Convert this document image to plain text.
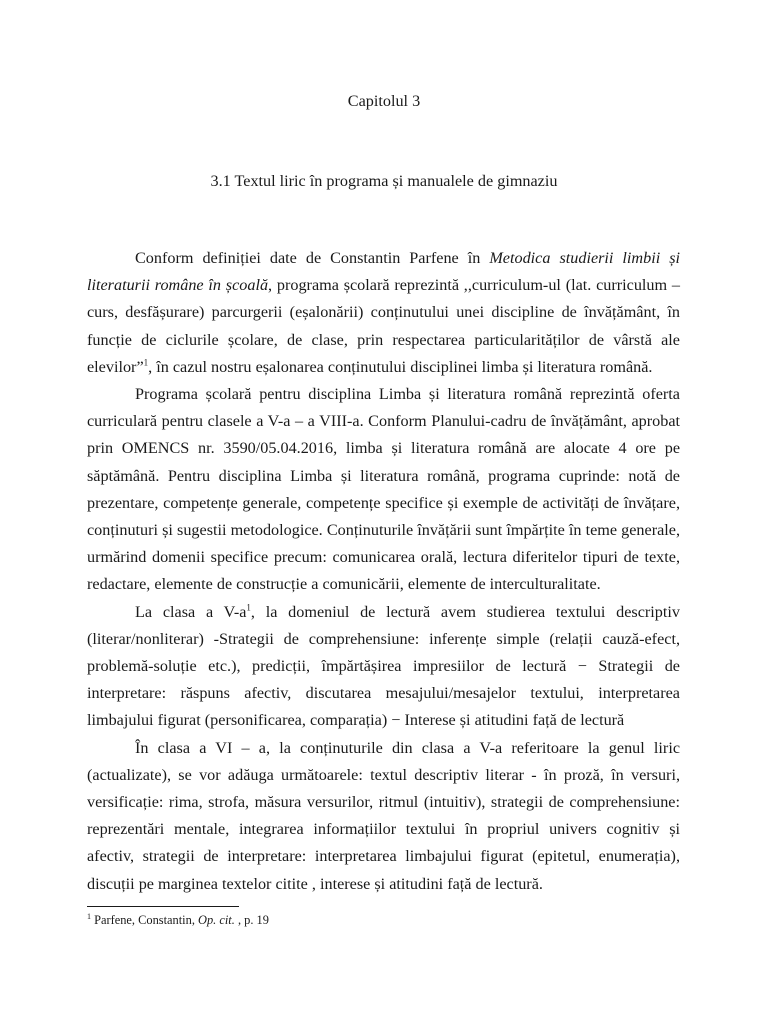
Capitolul 3
3.1 Textul liric în programa și manualele de gimnaziu

Conform definiției date de Constantin Parfene în Metodica studierii limbii și literaturii române în școală, programa școlară reprezintă ,,curriculum-ul (lat. curriculum – curs, desfășurare) parcurgerii (eșalonării) conținutului unei discipline de învățământ, în funcție de ciclurile școlare, de clase, prin respectarea particularităților de vârstă ale elevilor”$^1$, în cazul nostru eșalonarea conținutului disciplinei limba și literatura română.

Programa școlară pentru disciplina Limba și literatura română reprezintă oferta curriculară pentru clasele a V-a – a VIII-a. Conform Planului-cadru de învățământ, aprobat prin OMENCS nr. 3590/05.04.2016, limba și literatura română are alocate 4 ore pe săptămână. Pentru disciplina Limba și literatura română, programa cuprinde: notă de prezentare, competențe generale, competențe specifice și exemple de activități de învățare, conținuturi și sugestii metodologice. Conținuturile învățării sunt împărțite în teme generale, urmărind domenii specifice precum: comunicarea orală, lectura diferitelor tipuri de texte, redactare, elemente de construcție a comunicării, elemente de interculturalitate.

La clasa a $V-a^1$, la domeniul de lectură avem studierea textului descriptiv (literar/nonliterar) -Strategii de comprehensiune: inferențe simple (relații cauză-efect, problemă-soluție etc.), predicții, împărtășirea impresiilor de lectură − Strategii de interpretare: răspuns afectiv, discutarea mesajului/mesajelor textului, interpretarea limbajului figurat (personificarea, comparația) − Interese și atitudini față de lectură

În clasa a VI – a, la conținuturile din clasa a V-a referitoare la genul liric (actualizate), se vor adăuga următoarele: textul descriptiv literar - în proză, în versuri, versificație: rima, strofa, măsura versurilor, ritmul (intuitiv), strategii de comprehensiune: reprezentări mentale, integrarea informațiilor textului în propriul univers cognitiv și afectiv, strategii de interpretare: interpretarea limbajului figurat (epitetul, enumerația), discuții pe marginea textelor citite , interese și atitudini față de lectură.

$^1$ Parfene, Constantin, Op. cit. , p. 19
